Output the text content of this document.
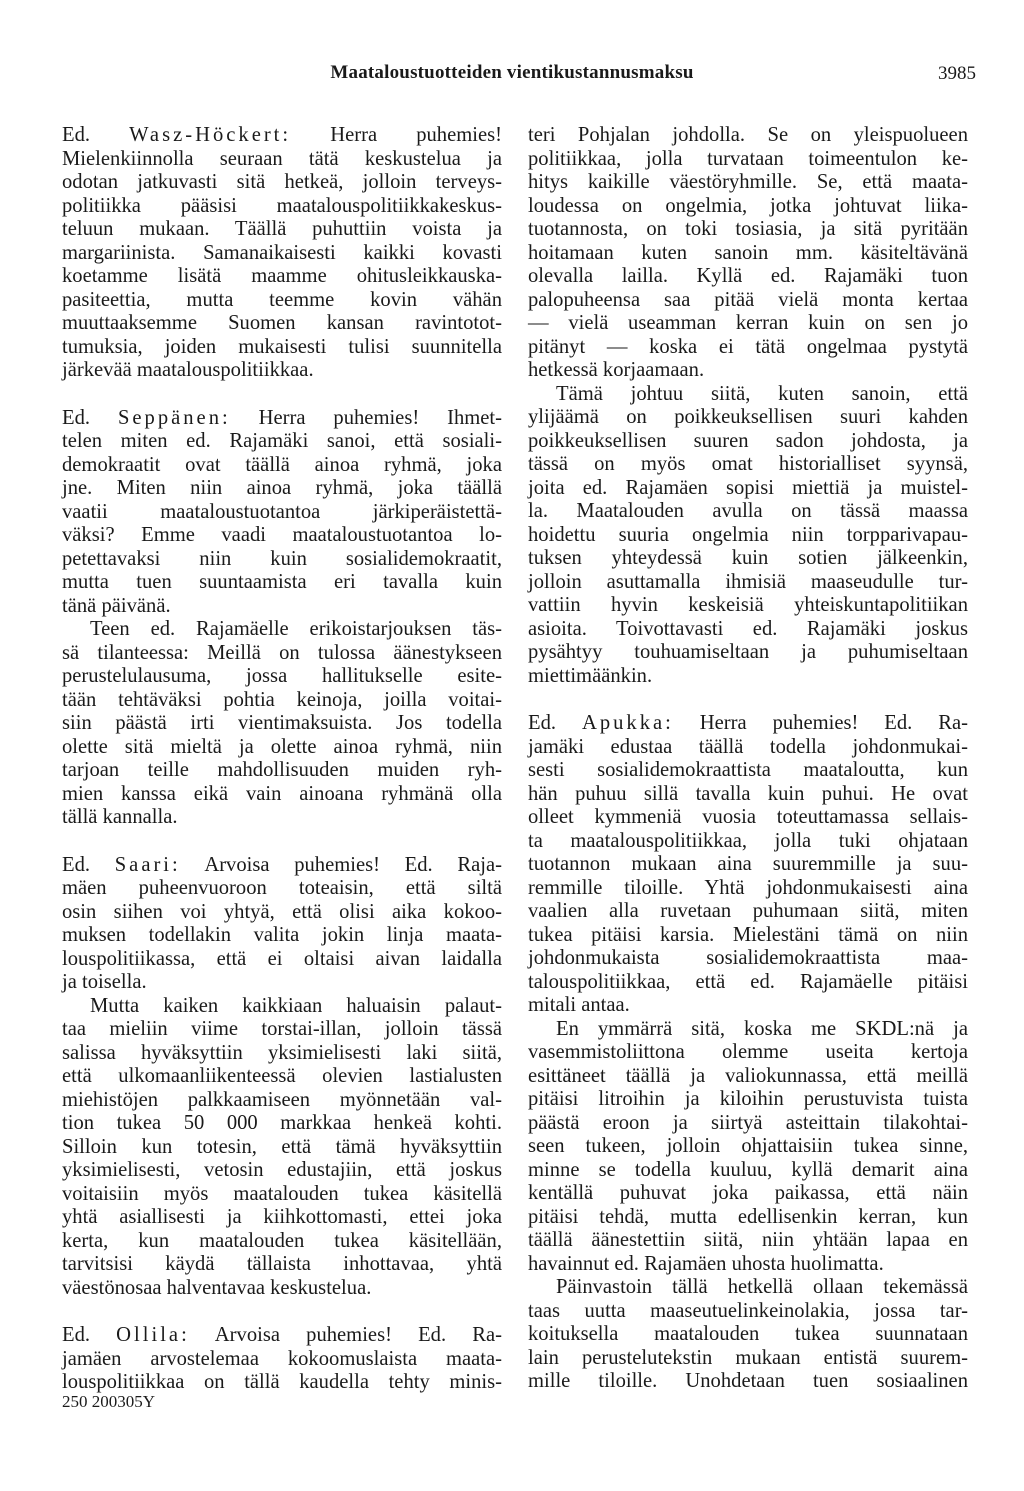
Maataloustuotteiden vientikustannusmaksu	3985
Ed. Wasz-Höckert: Herra puhemies!
Mielenkiinnolla seuraan tätä keskustelua ja
odotan jatkuvasti sitä hetkeä, jolloin terveys-
politiikka pääsisi maatalouspolitiikkakeskus-
teluun mukaan. Täällä puhuttiin voista ja
margariinista. Samanaikaisesti kaikki kovasti
koetamme lisätä maamme ohitusleikkauska-
pasiteettia, mutta teemme kovin vähän
muuttaaksemme Suomen kansan ravintotot-
tumuksia, joiden mukaisesti tulisi suunnitella
järkevää maatalouspolitiikkaa.
Ed. Seppänen: Herra puhemies! Ihmet-
telen miten ed. Rajamäki sanoi, että sosiali-
demokraatit ovat täällä ainoa ryhmä, joka
jne. Miten niin ainoa ryhmä, joka täällä
vaatii maataloustuotantoa järkiperäistettä-
väksi? Emme vaadi maataloustuotantoa lo-
petettavaksi niin kuin sosialidemokraatit,
mutta tuen suuntaamista eri tavalla kuin
tänä päivänä.
Teen ed. Rajamäelle erikoistarjouksen täs-
sä tilanteessa: Meillä on tulossa äänestykseen
perustelulausuma, jossa hallitukselle esite-
tään tehtäväksi pohtia keinoja, joilla voitai-
siin päästä irti vientimaksuista. Jos todella
olette sitä mieltä ja olette ainoa ryhmä, niin
tarjoan teille mahdollisuuden muiden ryh-
mien kanssa eikä vain ainoana ryhmänä olla
tällä kannalla.
Ed. Saari: Arvoisa puhemies! Ed. Raja-
mäen puheenvuoroon toteaisin, että siltä
osin siihen voi yhtyä, että olisi aika kokoo-
muksen todellakin valita jokin linja maata-
louspolitiikassa, että ei oltaisi aivan laidalla
ja toisella.
Mutta kaiken kaikkiaan haluaisin palaut-
taa mieliin viime torstai-illan, jolloin tässä
salissa hyväksyttiin yksimielisesti laki siitä,
että ulkomaanliikenteessä olevien lastialusten
miehistöjen palkkaamiseen myönnetään val-
tion tukea 50 000 markkaa henkeä kohti.
Silloin kun totesin, että tämä hyväksyttiin
yksimielisesti, vetosin edustajiin, että joskus
voitaisiin myös maatalouden tukea käsitellä
yhtä asiallisesti ja kiihkottomasti, ettei joka
kerta, kun maatalouden tukea käsitellään,
tarvitsisi käydä tällaista inhottavaa, yhtä
väestönosaa halventavaa keskustelua.
Ed. Ollila: Arvoisa puhemies! Ed. Ra-
jamäen arvostelemaa kokoomuslaista maata-
louspolitiikkaa on tällä kaudella tehty minis-
teri Pohjalan johdolla. Se on yleispuolueen
politiikkaa, jolla turvataan toimeentulon ke-
hitys kaikille väestöryhmille. Se, että maata-
loudessa on ongelmia, jotka johtuvat liika-
tuotannosta, on toki tosiasia, ja sitä pyritään
hoitamaan kuten sanoin mm. käsiteltävänä
olevalla lailla. Kyllä ed. Rajamäki tuon
palopuheensa saa pitää vielä monta kertaa
— vielä useamman kerran kuin on sen jo
pitänyt — koska ei tätä ongelmaa pystytä
hetkessä korjaamaan.
Tämä johtuu siitä, kuten sanoin, että
ylijäämä on poikkeuksellisen suuri kahden
poikkeuksellisen suuren sadon johdosta, ja
tässä on myös omat historialliset syynsä,
joita ed. Rajamäen sopisi miettiä ja muistel-
la. Maatalouden avulla on tässä maassa
hoidettu suuria ongelmia niin torpparivapau-
tuksen yhteydessä kuin sotien jälkeenkin,
jolloin asuttamalla ihmisiä maaseudulle tur-
vattiin hyvin keskeisiä yhteiskuntapolitiikan
asioita. Toivottavasti ed. Rajamäki joskus
pysähtyy touhuamiseltaan ja puhumiseltaan
miettimäänkin.
Ed. Apukka: Herra puhemies! Ed. Ra-
jamäki edustaa täällä todella johdonmukai-
sesti sosialidemokraattista maataloutta, kun
hän puhuu sillä tavalla kuin puhui. He ovat
olleet kymmeniä vuosia toteuttamassa sellais-
ta maatalouspolitiikkaa, jolla tuki ohjataan
tuotannon mukaan aina suuremmille ja suu-
remmille tiloille. Yhtä johdonmukaisesti aina
vaalien alla ruvetaan puhumaan siitä, miten
tukea pitäisi karsia. Mielestäni tämä on niin
johdonmukaista sosialidemokraattista maa-
talouspolitiikkaa, että ed. Rajamäelle pitäisi
mitali antaa.
En ymmärrä sitä, koska me SKDL:nä ja
vasemmistoliittona olemme useita kertoja
esittäneet täällä ja valiokunnassa, että meillä
pitäisi litroihin ja kiloihin perustuvista tuista
päästä eroon ja siirtyä asteittain tilakohtai-
seen tukeen, jolloin ohjattaisiin tukea sinne,
minne se todella kuuluu, kyllä demarit aina
kentällä puhuvat joka paikassa, että näin
pitäisi tehdä, mutta edellisenkin kerran, kun
täällä äänestettiin siitä, niin yhtään lapaa en
havainnut ed. Rajamäen uhosta huolimatta.
Päinvastoin tällä hetkellä ollaan tekemässä
taas uutta maaseutuelinkeinolakia, jossa tar-
koituksella maatalouden tukea suunnataan
lain perustelutekstin mukaan entistä suurem-
mille tiloille. Unohdetaan tuen sosiaalinen
250 200305Y
